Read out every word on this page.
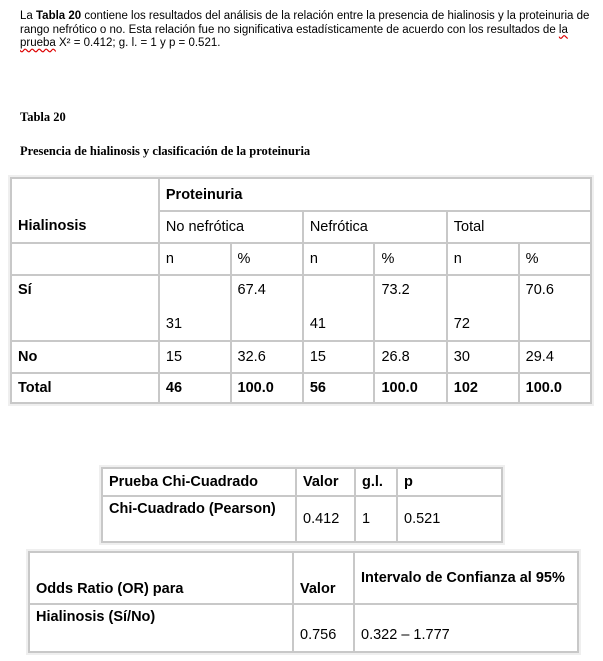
La Tabla 20 contiene los resultados del análisis de la relación entre la presencia de hialinosis y la proteinuria de rango nefrótico o no. Esta relación fue no significativa estadísticamente de acuerdo con los resultados de la prueba X² = 0.412; g. l. = 1 y p = 0.521.
Tabla 20
Presencia de hialinosis y clasificación de la proteinuria
Hialinosis	Proteinuria					
	No nefrótica		Nefrótica		Total	
	n	%	n	%	n	%
Sí	31	67.4	41	73.2	72	70.6
No	15	32.6	15	26.8	30	29.4
Total	46	100.0	56	100.0	102	100.0
Prueba Chi-Cuadrado	Valor	g.l.	p
Chi-Cuadrado (Pearson)	0.412	1	0.521
Odds Ratio (OR) para	Valor	Intervalo de Confianza al 95%
Hialinosis (Sí/No)	0.756	0.322 – 1.777
